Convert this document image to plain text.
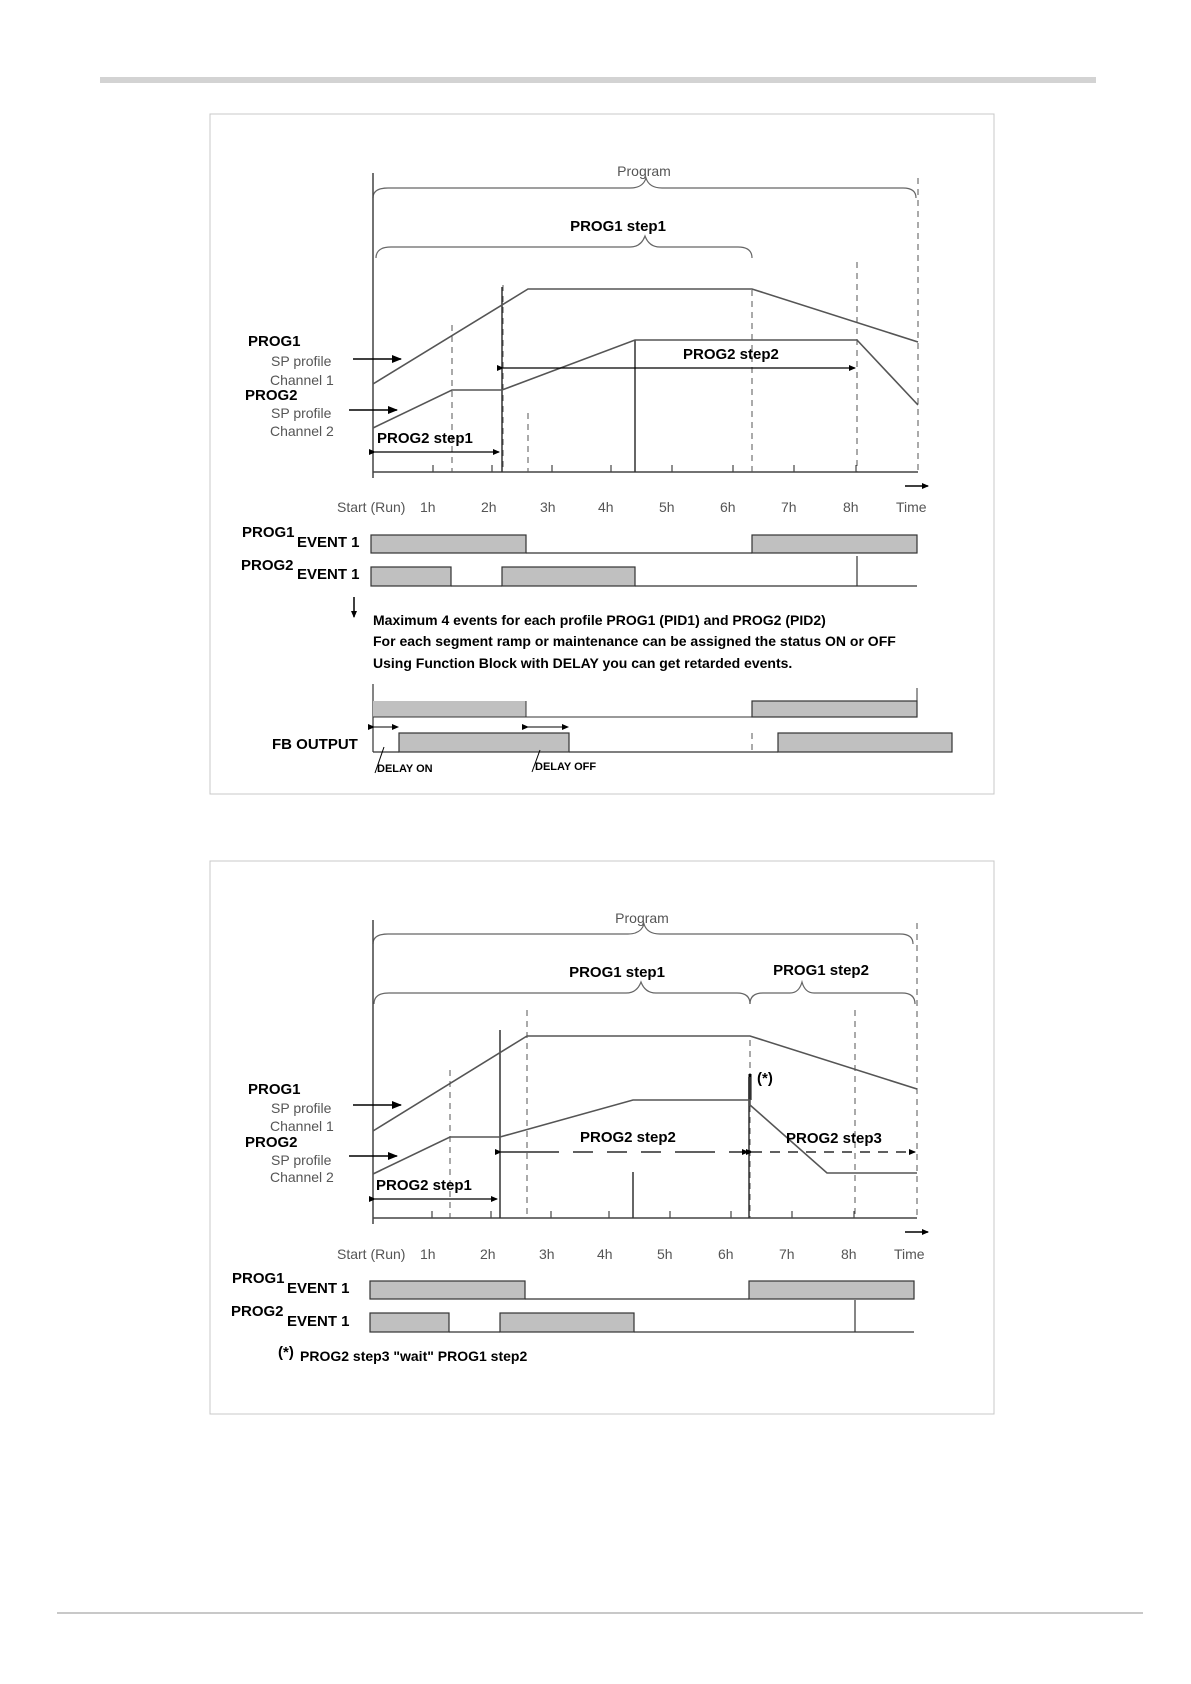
Program
PROG1 step1
PROG1
SP profile
Channel 1
PROG2
SP profile
Channel 2
PROG2 step2
PROG2 step1
Start (Run) 1h	2h	3h	4h	5h	6h	7h	8h	Time
PROG1
EVENT 1
PROG2
EVENT 1
Maximum 4 events for each profile PROG1 (PID1) and PROG2 (PID2)
For each segment ramp or maintenance can be assigned the status ON or OFF
Using Function Block with DELAY you can get retarded events.
FB OUTPUT
DELAY ON	DELAY OFF
Program
PROG1 step1	PROG1 step2
(*)
PROG1
SP profile
Channel 1
PROG2
SP profile
Channel 2
PROG2 step2	PROG2 step3
PROG2 step1
Start (Run) 1h	2h	3h	4h	5h	6h	7h	8h	Time
PROG1
EVENT 1
PROG2
EVENT 1
(*) PROG2 step3 "wait" PROG1 step2
